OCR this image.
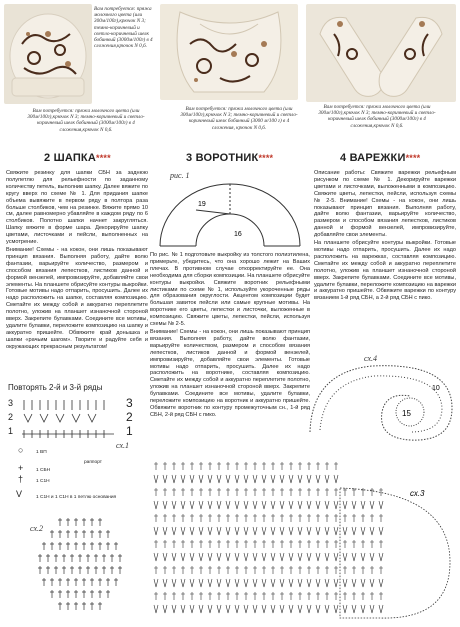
Вам потребуется: пряжа молочного цвета (или 300м/100г),крючок N 3; темно-коричневый и светло-коричневый шелк бобинный (3000м/100г) в 4 сложения,крючок N 0,6.
Вам потребуется: пряжа молочного цвета (или 300м/100г),крючок N 3; темно-коричневый и светло-коричневый шелк бобинный (3000 м/100 г) в 4 сложения, крючок N 0,6.
Вам потребуется: пряжа молочного цвета (или 300м/100г),крючок N 3; темно-коричневый и светло-коричневый шелк бобинный (3000м/100г) в 4 сложения,крючок N 0,6.
Вам потребуется: пряжа молочного цвета (или 300м/100г),крючок N 3; темно-коричневый и светло-коричневый шелк бобинный (3000м/100г) в 4 сложения,крючок N 0,6.
2 ШАПКА****	3 ВОРОТНИК****	4 ВАРЕЖКИ****

Свяжите резинку для шапки СБН за заднюю полупетлю для рельефности по заданному количеству петель, выполнив шапку. Далее вяжите по кругу вверх по схеме № 1. Для придания шапке объема вывяжите в первом ряду в полтора раза больше столбиков, чем на резинке. Вяжите прямо 10 см, далее равномерно убавляйте в каждом ряду по 6 столбиков. Полотно шапки начнет закругляться. Шапку вяжите в форме шара. Декорируйте шапку цветами, листочками и пейсли, выполненных на усмотрение.

Внимание! Схемы - на кокон, они лишь показывают принцип вязания. Выполняя работу, дайте волю фантазии, варьируйте количество, размером и способом вязания лепестков, листиков данной и формой вензелей, импровизируйте, добавляйте свои элементы. На планшете обрисуйте контуры выкройки. Готовые мотивы надо отпарить, просушить. Далее их надо расположить на шапке, составляя композицию. Сметайте их между собой и аккуратно переплетите полотно, уложив на планшет изнаночной стороной вверх. Закрепите булавками. Соедините все мотивы, удалите булавки, переложите композицию на шапку и аккуратно пришейте. Обвяжите край донышка и шапки «рачьим шагом». Творите и радуйте себя и окружающих прекрасным результатом!

По рис. № 1 подготовьте выкройку из толстого полиэтилена, примерьте, убедитесь, что она хорошо лежит на Ваших плечах. В противном случае откорректируйте ее. Она необходима для сборки композиции. На планшете обрисуйте контуры выкройки. Свяжите воротник рельефными листиками по схеме № 1, используйте укороченные ряды для образования округлости. Акцентом композиции будет большая завиток пейсли или самые крупные мотивы. На воротнике его цветы, лепестки и листочки, выложенные в композицию. Свяжите цветы, лепестки, пейсли, используя схемы № 2-5.

Внимание! Схемы - на кокон, они лишь показывают принцип вязания. Выполняя работу, дайте волю фантазии, варьируйте количеством, размером и способом вязания лепестков, листиков данной и формой вензелей, импровизируйте, добавляйте свои элементы. Готовые мотивы надо отпарить, просушить. Далее их надо расположить на воротнике, составляя композицию. Сметайте их между собой и аккуратно переплетите полотно, уложив на планшет изнаночной стороной вверх. Закрепите булавками. Соедините все мотивы, удалите булавки, переложите композицию на воротник и аккуратно пришейте. Обвяжите воротник по контуру промежуточным сн., 1-й ряд СБН, 2-й ряд СБН с пико.

Описание работы: Свяжите варежки рельефным рисунком по схеме № 1. Декорируйте варежки цветами и листочками, выложенными в композицию. Свяжите цветы, лепестки, пейсли, используя схемы № 2-5. Внимание! Схемы - на кокон, они лишь показывают принцип вязания. Выполняя работу, дайте волю фантазии, варьируйте количество, размером и способом вязания лепестков, листиков данной и формой вензелей, импровизируйте, добавляйте свои элементы.

На планшете обрисуйте контуры выкройки. Готовые мотивы надо отпарить, просушить. Далее их надо расположить на варежках, составляя композицию. Сметайте их между собой и аккуратно переплетите полотно, уложив на планшет изнаночной стороной вверх. Закрепите булавками. Соедините все мотивы, удалите булавки, переложите композицию на варежки и аккуратно пришейте. Обвяжите варежки по контуру вязанием 1-й ряд СБН, а 2-й ряд СБН с пико.

рис. 1
19
16
сх.4
15
10
Повторять 2-й и 3-й ряды
3
2
1
3
2
1
раппорт
1 ВП
1 СБН
1 С1Н
1 С1Н и 1 С1Н в 1 петлю основания
○
+
†
V
сх.1
сх.2
сх.3
